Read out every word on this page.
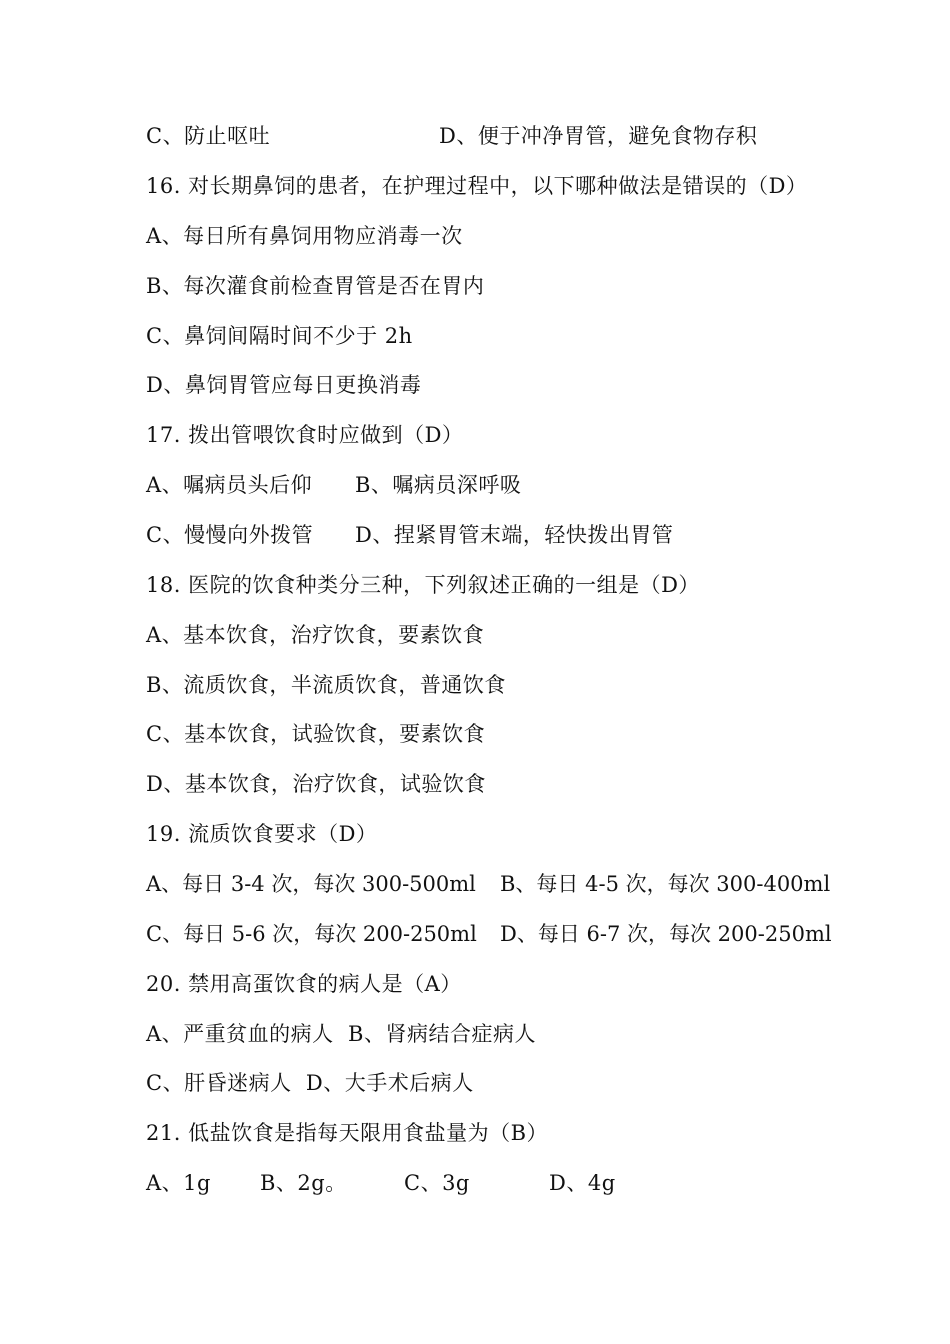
C、防止呕吐

	D、便于冲净胃管，避免食物存积

16. 对长期鼻饲的患者，在护理过程中，以下哪种做法是错误的（D）
A、每日所有鼻饲用物应消毒一次
B、每次灌食前检查胃管是否在胃内
C、鼻饲间隔时间不少于 2h
D、鼻饲胃管应每日更换消毒
17. 拨出管喂饮食时应做到（D）

A、嘱病员头后仰

B、嘱病员深呼吸

C、慢慢向外拨管

D、捏紧胃管末端，轻快拨出胃管

18. 医院的饮食种类分三种，下列叙述正确的一组是（D）
A、基本饮食，治疗饮食，要素饮食
B、流质饮食，半流质饮食，普通饮食
C、基本饮食，试验饮食，要素饮食
D、基本饮食，治疗饮食，试验饮食
19. 流质饮食要求（D）

A、每日 3-4 次，每次 300-500ml

B、每日 4-5 次，每次 300-400ml

C、每日 5-6 次，每次 200-250ml

D、每日 6-7 次，每次 200-250ml

20. 禁用高蛋饮食的病人是（A）
A、严重贫血的病人  B、肾病结合症病人
C、肝昏迷病人  D、大手术后病人
21. 低盐饮食是指每天限用食盐量为（B）

A、1g

B、2g。

	C、3g

	D、4g
